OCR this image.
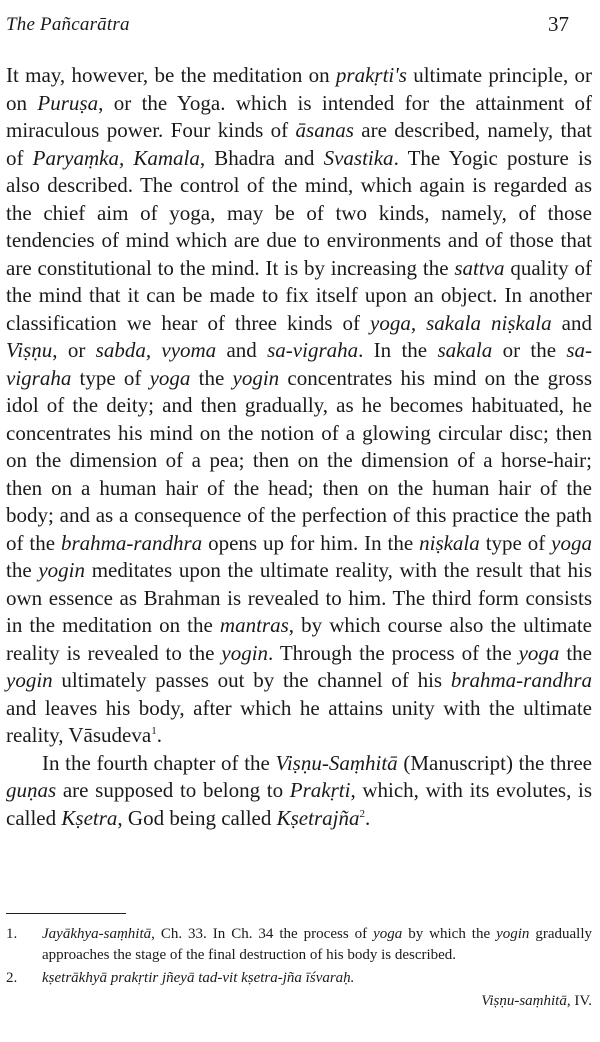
The Pañcarātra	37

It may, however, be the meditation on prakṛti's ultimate principle, or on Puruṣa, or the Yoga. which is intended for the attainment of miraculous power. Four kinds of āsanas are described, namely, that of Paryaṃka, Kamala, Bhadra and Svastika. The Yogic posture is also described. The control of the mind, which again is regarded as the chief aim of yoga, may be of two kinds, namely, of those tendencies of mind which are due to environments and of those that are constitutional to the mind. It is by increasing the sattva quality of the mind that it can be made to fix itself upon an object. In another classification we hear of three kinds of yoga, sakala niṣkala and Viṣṇu, or sabda, vyoma and sa-vigraha. In the sakala or the sa-vigraha type of yoga the yogin concentrates his mind on the gross idol of the deity; and then gradually, as he becomes habituated, he concentrates his mind on the notion of a glowing circular disc; then on the dimension of a pea; then on the dimension of a horse-hair; then on a human hair of the head; then on the human hair of the body; and as a consequence of the perfection of this practice the path of the brahma-randhra opens up for him. In the niṣkala type of yoga the yogin meditates upon the ultimate reality, with the result that his own essence as Brahman is revealed to him. The third form consists in the meditation on the mantras, by which course also the ultimate reality is revealed to the yogin. Through the process of the yoga the yogin ultimately passes out by the channel of his brahma-randhra and leaves his body, after which he attains unity with the ultimate reality, Vāsudeva$^1$.

In the fourth chapter of the Viṣṇu-Saṃhitā (Manuscript) the three guṇas are supposed to belong to Prakṛti, which, with its evolutes, is called Kṣetra, God being called Kṣetrajña$^2$.

1.	Jayākhya-saṃhitā, Ch. 33. In Ch. 34 the process of yoga by which the yogin gradually approaches the stage of the final destruction of his body is described.
2.	kṣetrākhyā prakṛtir jñeyā tad-vit kṣetra-jña īśvaraḥ.
Viṣṇu-saṃhitā, IV.
